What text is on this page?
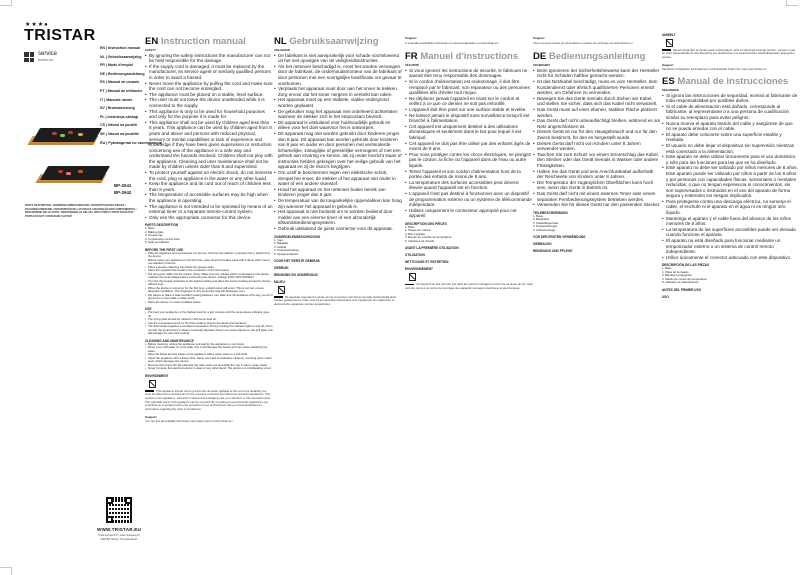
★★★●
TRISTAR
service
tristar.eu
EN | Instruction manual
NL | Gebruiksaanwijzing
FR | Mode d'emploi
DE | Bedienungsanleitung
ES | Manual de usuario
PT | Manual de utilizador
IT | Manuale utente
SV | Bruksanvisning
PL | Instrukcja obsługi
CS | Návod na použití
SK | Návod na použitie
RU | Руководство по эксплуатации
BP-2641
BP-2642
PARTS DESCRIPTION / ONDERDELENBESCHRIJVING / DESCRIPTION DES PIÈCES / TEILEBESCHREIBUNG / DESCRIPCIÓN DE LAS PIEZAS / DESCRIÇÃO DOS COMPONENTES / DESCRIZIONE DELLE PARTI / BESKRIVNING AV DELAR / OPIS CZĘŚCI / POPIS SOUČÁSTÍ / POPIS SÚČASTÍ / ОПИСАНИЕ ЧАСТЕЙ
WWW.TRISTAR.EU
Tristar Europe B.V. | Jules Verneweg 87
5015 BH Tilburg | The Netherlands
EN Instruction manual
SAFETY
• By ignoring the safety instructions the manufacturer can not be held responsible for the damage.
• If the supply cord is damaged, it must be replaced by the manufacturer, its service agent or similarly qualified persons in order to avoid a hazard.
• Never move the appliance by pulling the cord and make sure the cord can not become entangled.
• The appliance must be placed on a stable, level surface.
• The user must not leave the device unattended while it is connected to the supply.
• This appliance is only to be used for household purposes and only for the purpose it is made for.
• This appliance shall not be used by children aged less than 8 years. This appliance can be used by children aged from 8 years and above and persons with reduced physical, sensory or mental capabilities or lack of experience and knowledge if they have been given supervision or instruction concerning use of the appliance in a safe way and understand the hazards involved. Children shall not play with the appliance. Cleaning and user maintenance shall not be made by children unless older than 8 and supervised.
• To protect yourself against an electric shock, do not immerse the cord, plug or appliance in the water or any other liquid.
• Keep the appliance and its cord out of reach of children less than 8 years.
• The temperature of accessible surfaces may be high when the appliance is operating.
• The appliance is not intended to be operated by means of an external timer or a separate remote-control system.
• Only use the appropriate connector for this device.
PARTS DESCRIPTION
1. Base
2. Baking plate
3. Grease tray
4. Temperature control knob
5. Heat up indicator
BEFORE THE FIRST USE
• Take the appliance and accessories out the box. Remove the stickers, protective foil or plastic from the device.
• Before using your appliance for the first time, wipe off all removable parts with a damp cloth. Never use abrasive products.
• Place a grease collecting tray below the grease drain.
• Place the supplied thermostat in the connection of the thermostat.
• Put the power cable into the socket. (Note: Make sure the voltage which is indicated on the device matches the local voltage before connecting the device. Voltage 220V-240V 50/60Hz)
• Turn the thermostat clockwise to the highest setting and allow the device heating at least 5 minutes without food.
• When the device is turned on for the first time, a slight odour will occur. This is normal, ensure adequate ventilation. This fragrance is only temporary and will disappear soon.
• We advise to place a heat-resistant coating between your table and the appliance (this way you don't get burns on your table or table cloth).
• Place the device in a well-ventilated space.
USE
• Pre-heat your appliance on the highest level for a few minutes until the temperature indicator goes off.
• The frying plate should be rubbed in with some food oil.
• Use the temperature knob on the thermostat to choose the desired temperature.
• The thermostat regulates a constant temperature. During cooking the indicator light on and off, this is normal, the temperature is always constantly adjusted. Never use sharp objects on the grill plate, this will damage the anti-stick coating.
CLEANING AND MAINTENANCE
• Before cleaning, unplug the appliance and wait for the appliance to cool down.
• Never pour cold water on a hot plate, this could damage the device and can cause splashing hot water.
• Wipe the inside and the edges of the appliance with a paper towel or a soft cloth.
• Clean the appliance with a damp cloth. Never use hard and abrasive cleaners, scouring pad or steel wool, which damages the device.
• Remove and empty the fat collecting tray after each use and wash the tray in warm, soapy water.
• Never immerse the electrical device in water or any other liquid. The device is not dishwasher proof.
ENVIRONMENT

This appliance should not be put into the domestic garbage at the end of its durability, but must be offered at a central point for the recycling of electric and electronic domestic appliances. This symbol on the appliance, instruction manual and packaging puts your attention to this important issue. The materials used in this appliance can be recycled. By recycling of used domestic appliances you contribute an important push to the protection of our environment. Ask your local authorities for information regarding the point of recollection.

Support

You can find all available information and spare parts at www.tristar.eu!

NL Gebruiksaanwijzing
VEILIGHEID
• De fabrikant is niet aansprakelijk voor schade voortvloeiend uit het niet opvolgen van de veiligheidsinstructies.
• Als het netsnoer beschadigd is, moet het worden vervangen door de fabrikant, de onderhoudsmonteur van de fabrikant of door personen met een soortgelijke kwalificatie om gevaar te voorkomen.
• Verplaats het apparaat nooit door aan het snoer te trekken. Zorg ervoor dat het snoer nergens in verstrikt kan raken.
• Het apparaat moet op een stabiele, vlakke ondergrond worden geplaatst.
• De gebruiker mag het apparaat niet onbeheerd achterlaten wanneer de stekker zich in het stopcontact bevindt.
• Dit apparaat is uitsluitend voor huishoudelijk gebruik en alleen voor het doel waarvoor het is ontworpen.
• Dit apparaat mag niet worden gebruikt door kinderen jonger dan 8 jaar. Dit apparaat kan worden gebruikt door kinderen van 8 jaar en ouder en door personen met verminderde lichamelijke, zintuiglijke of geestelijke vermogens of met een gebrek aan ervaring en kennis, als zij onder toezicht staan of instructies hebben gekregen over het veilige gebruik van het apparaat en zij de risico's begrijpen.
• Om uzelf te beschermen tegen een elektrische schok, dompel het snoer, de stekker of het apparaat niet onder in water of een andere vloeistof.
• Houd het apparaat en het netsnoer buiten bereik van kinderen jonger dan 8 jaar.
• De temperatuur van de toegankelijke oppervlakken kan hoog zijn wanneer het apparaat in gebruik is.
• Het apparaat is niet bedoeld om te worden bediend door middel van een externe timer of een afzonderlijk afstandsbedieningssysteem.
• Gebruik uitsluitend de juiste connector voor dit apparaat.
ONDERDELENBESCHRIJVING
1. Voet
2. Bakplaat
3. Lekbak
4. Temperatuurknop
5. Opwarmindicator
VOOR HET EERSTE GEBRUIK
GEBRUIK
REINIGING EN ONDERHOUD
MILIEU

Dit apparaat mag aan het einde van de levensduur niet bij het normale huishoudelijk afval worden gedeponeerd, maar moet bij een speciaal inzamelpunt voor hergebruik van elektrische en elektronische apparaten worden aangeboden.

Support

U vindt alle beschikbare informatie en reserveonderdelen op www.tristar.eu!

FR Manuel d'instructions
SÉCURITÉ
• Si vous ignorez les instructions de sécurité, le fabricant ne saurait être tenu responsable des dommages.
• Si le cordon d'alimentation est endommagé, il doit être remplacé par le fabricant, son réparateur ou des personnes qualifiées afin d'éviter tout risque.
• Ne déplacez jamais l'appareil en tirant sur le cordon et veillez à ce que ce dernier ne soit pas entortillé.
• L'appareil doit être posé sur une surface stable et nivelée.
• Ne laissez jamais le dispositif sans surveillance lorsqu'il est branché à l'alimentation.
• Cet appareil est uniquement destiné à des utilisations domestiques et seulement dans le but pour lequel il est fabriqué.
• Cet appareil ne doit pas être utilisé par des enfants âgés de moins de 8 ans.
• Pour vous protéger contre les chocs électriques, ne plongez pas le cordon, la fiche ou l'appareil dans de l'eau ou autre liquide.
• Tenez l'appareil et son cordon d'alimentation hors de la portée des enfants de moins de 8 ans.
• La température des surfaces accessibles peut devenir élevée quand l'appareil est en fonction.
• L'appareil n'est pas destiné à fonctionner avec un dispositif de programmation externe ou un système de télécommande indépendant.
• Utilisez uniquement le connecteur approprié pour cet appareil.
DESCRIPTION DES PIÈCES
1. Base
2. Plaque de cuisson
3. Bac à graisse
4. Bouton de contrôle de température
5. Indicateur de chauffe
AVANT LA PREMIÈRE UTILISATION
UTILISATION
NETTOYAGE ET ENTRETIEN
ENVIRONNEMENT

Cet appareil ne doit pas être mis dans les ordures ménagères à la fin de sa durée de vie, mais doit être remis à un centre de recyclage des appareils ménagers électriques et électroniques.

Support

Vous trouverez toutes les informations et pièces de rechange sur www.tristar.eu !

DE Bedienungsanleitung
SICHERHEIT
• Beim Ignorieren der Sicherheitshinweise kann der Hersteller nicht für Schäden haftbar gemacht werden.
• Ist das Netzkabel beschädigt, muss es vom Hersteller, dem Kundendienst oder ähnlich qualifizierten Personen ersetzt werden, um Gefahren zu vermeiden.
• Bewegen Sie das Gerät niemals durch Ziehen am Kabel, und stellen Sie sicher, dass sich das Kabel nicht verwickelt.
• Das Gerät muss auf einer ebenen, stabilen Fläche platziert werden.
• Das Gerät darf nicht unbeaufsichtigt bleiben, während es am Netz angeschlossen ist.
• Dieses Gerät ist nur für den Hausgebrauch und nur für den Zweck bestimmt, für den es hergestellt wurde.
• Dieses Gerät darf nicht von Kindern unter 8 Jahren verwendet werden.
• Tauchen Sie zum Schutz vor einem Stromschlag das Kabel, den Stecker oder das Gerät niemals in Wasser oder andere Flüssigkeiten.
• Halten Sie das Gerät und sein Anschlusskabel außerhalb der Reichweite von Kindern unter 8 Jahren.
• Die Temperatur der zugänglichen Oberflächen kann hoch sein, wenn das Gerät in Betrieb ist.
• Das Gerät darf nicht mit einem externen Timer oder einem separaten Fernbedienungssystem betrieben werden.
• Verwenden Sie für dieses Gerät nur den passenden Stecker.
TEILEBESCHREIBUNG
1. Basis
2. Backplatte
3. Fettauffangschale
4. Temperaturregler
5. Aufheizanzeige
VOR DER ERSTEN VERWENDUNG
GEBRAUCH
REINIGUNG UND PFLEGE
UMWELT

Dieses Gerät darf am Ende seiner Lebensdauer nicht im Hausmüll entsorgt werden, sondern muss an einer Sammelstelle für das Recycling von elektrischen und elektronischen Haushaltsgeräten abgegeben werden.

Support

Sämtliche verfügbaren Informationen und Ersatzteile finden Sie unter www.tristar.eu!

ES Manual de instrucciones
SEGURIDAD
• Si ignora las instrucciones de seguridad, eximirá al fabricante de toda responsabilidad por posibles daños.
• Si el cable de alimentación está dañado, corresponde al fabricante, al representante o a una persona de cualificación similar su reemplazo para evitar peligros.
• Nunca mueva el aparato tirando del cable y asegúrese de que no se pueda enredar con el cable.
• El aparato debe colocarse sobre una superficie estable y nivelada.
• El usuario no debe dejar el dispositivo sin supervisión mientras está conectado a la alimentación.
• Este aparato se debe utilizar únicamente para el uso doméstico y sólo para las funciones para las que se ha diseñado.
• Este aparato no debe ser utilizado por niños menores de 8 años. Este aparato puede ser utilizado por niños a partir de los 8 años y por personas con capacidades físicas, sensoriales o mentales reducidas, o que no tengan experiencia ni conocimientos, sin son supervisados o instruidos en el uso del aparato de forma segura y entienden los riesgos implicados.
• Para protegerse contra una descarga eléctrica, no sumerja el cable, el enchufe ni el aparato en el agua ni en ningún otro líquido.
• Mantenga el aparato y el cable fuera del alcance de los niños menores de 8 años.
• La temperatura de las superficies accesibles puede ser elevada cuando funcione el aparato.
• El aparato no está diseñado para funcionar mediante un temporizador externo o un sistema de control remoto independiente.
• Utilice únicamente el conector adecuado con este dispositivo.
DESCRIPCIÓN DE LAS PIEZAS
1. Base
2. Placa de horneado
3. Bandeja recogegrasa
4. Mando de control de temperatura
5. Indicador de calentamiento
ANTES DEL PRIMER USO
USO
